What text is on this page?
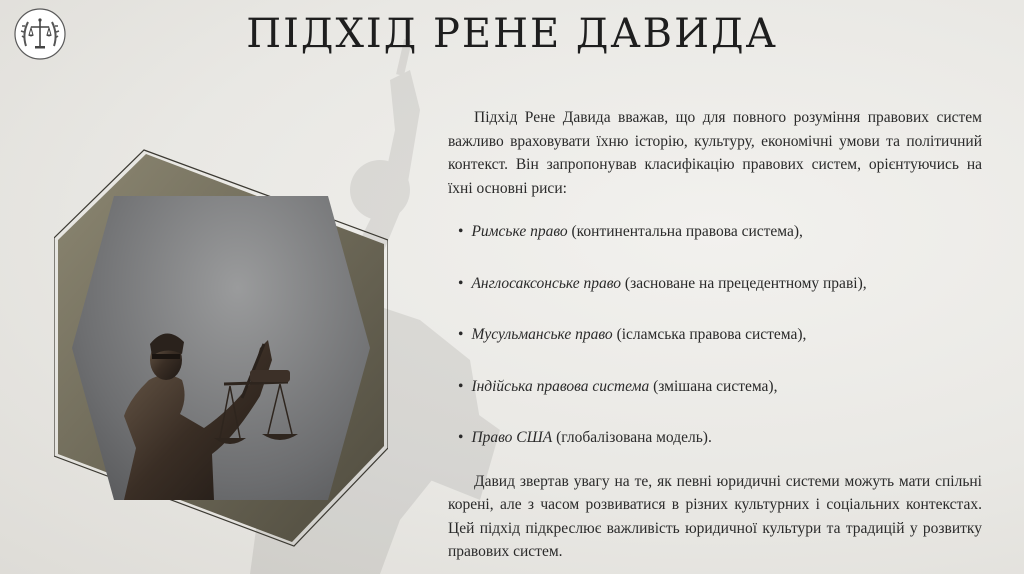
ПІДХІД РЕНЕ ДАВИДА

Підхід Рене Давида вважав, що для повного розуміння правових систем важливо враховувати їхню історію, культуру, економічні умови та політичний контекст. Він запропонував класифікацію правових систем, орієнтуючись на їхні основні риси:

• Римське право (континентальна правова система),
• Англосаксонське право (засноване на прецедентному праві),
• Мусульманське право (ісламська правова система),
• Індійська правова система (змішана система),
• Право США (глобалізована модель).

Давид звертав увагу на те, як певні юридичні системи можуть мати спільні корені, але з часом розвиватися в різних культурних і соціальних контекстах. Цей підхід підкреслює важливість юридичної культури та традицій у розвитку правових систем.
